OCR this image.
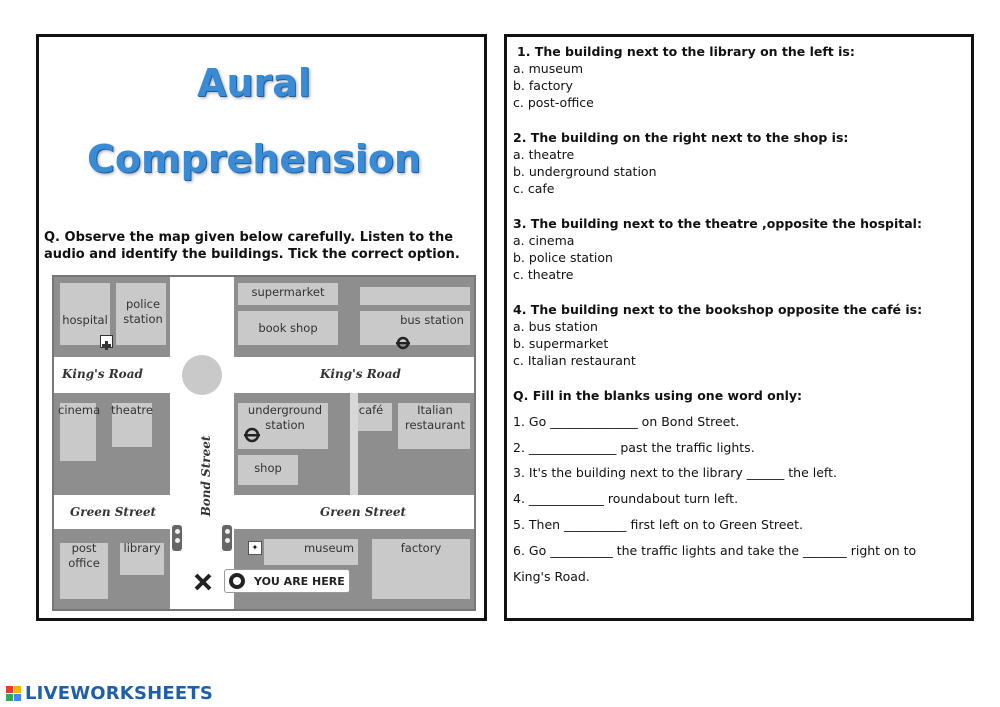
Aural
Comprehension
Q. Observe the map given below carefully. Listen to the audio and identify the buildings. Tick the correct option.
hospital
police station
supermarket
book shop
bus station
cinema theatre	underground station
shop
café	Italian restaurant
post office
library	museum	factory
King's Road	King's Road
Green Street	Green Street
Bond Street
✦
YOU ARE HERE
1. The building next to the library on the left is:
a. museum
b. factory
c. post-office
2. The building on the right next to the shop is:
a. theatre
b. underground station
c. cafe
3. The building next to the theatre ,opposite the hospital:
a. cinema
b. police station
c. theatre
4. The building next to the bookshop opposite the café is:
a. bus station
b. supermarket
c. Italian restaurant
Q. Fill in the blanks using one word only:
1. Go ______________ on Bond Street.
2. ______________ past the traffic lights.
3. It's the building next to the library ______ the left.
4. ____________ roundabout turn left.
5. Then __________ first left on to Green Street.
6. Go __________ the traffic lights and take the _______ right on to
King's Road.
LIVEWORKSHEETS
